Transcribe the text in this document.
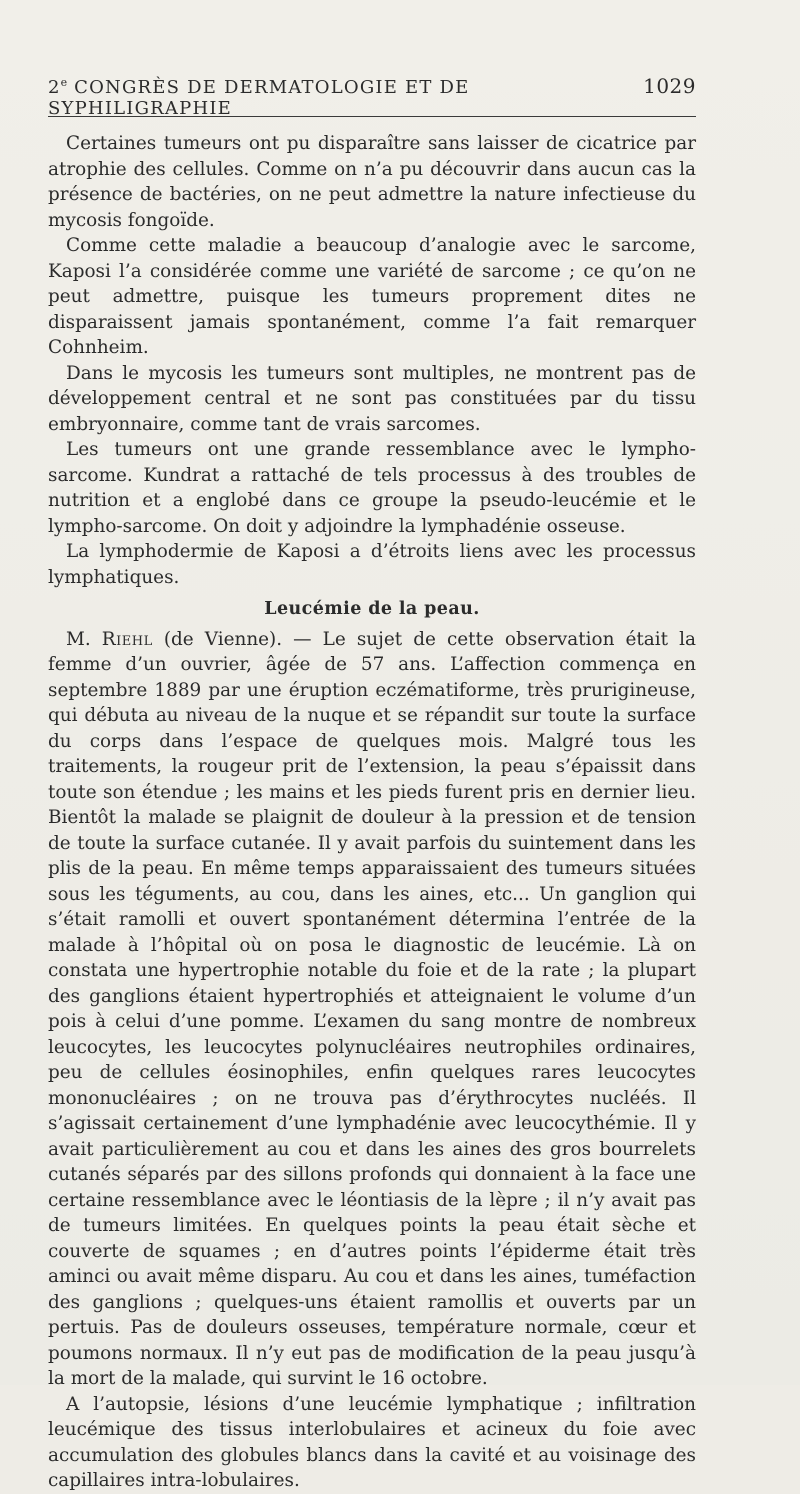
2e CONGRÈS DE DERMATOLOGIE ET DE SYPHILIGRAPHIE
1029

Certaines tumeurs ont pu disparaître sans laisser de cicatrice par atrophie des cellules. Comme on n’a pu découvrir dans aucun cas la présence de bactéries, on ne peut admettre la nature infectieuse du mycosis fongoïde.

Comme cette maladie a beaucoup d’analogie avec le sarcome, Kaposi l’a considérée comme une variété de sarcome ; ce qu’on ne peut admettre, puisque les tumeurs proprement dites ne disparaissent jamais spontanément, comme l’a fait remarquer Cohnheim.

Dans le mycosis les tumeurs sont multiples, ne montrent pas de développement central et ne sont pas constituées par du tissu embryonnaire, comme tant de vrais sarcomes.

Les tumeurs ont une grande ressemblance avec le lympho-sarcome. Kundrat a rattaché de tels processus à des troubles de nutrition et a englobé dans ce groupe la pseudo-leucémie et le lympho-sarcome. On doit y adjoindre la lymphadénie osseuse.

La lymphodermie de Kaposi a d’étroits liens avec les processus lymphatiques.

Leucémie de la peau.

M. Riehl (de Vienne). — Le sujet de cette observation était la femme d’un ouvrier, âgée de 57 ans. L’affection commença en septembre 1889 par une éruption eczématiforme, très prurigineuse, qui débuta au niveau de la nuque et se répandit sur toute la surface du corps dans l’espace de quelques mois. Malgré tous les traitements, la rougeur prit de l’extension, la peau s’épaissit dans toute son étendue ; les mains et les pieds furent pris en dernier lieu. Bientôt la malade se plaignit de douleur à la pression et de tension de toute la surface cutanée. Il y avait parfois du suintement dans les plis de la peau. En même temps apparaissaient des tumeurs situées sous les téguments, au cou, dans les aines, etc... Un ganglion qui s’était ramolli et ouvert spontanément détermina l’entrée de la malade à l’hôpital où on posa le diagnostic de leucémie. Là on constata une hypertrophie notable du foie et de la rate ; la plupart des ganglions étaient hypertrophiés et atteignaient le volume d’un pois à celui d’une pomme. L’examen du sang montre de nombreux leucocytes, les leucocytes polynucléaires neutrophiles ordinaires, peu de cellules éosinophiles, enfin quelques rares leucocytes mononucléaires ; on ne trouva pas d’érythrocytes nucléés. Il s’agissait certainement d’une lymphadénie avec leucocythémie. Il y avait particulièrement au cou et dans les aines des gros bourrelets cutanés séparés par des sillons profonds qui donnaient à la face une certaine ressemblance avec le léontiasis de la lèpre ; il n’y avait pas de tumeurs limitées. En quelques points la peau était sèche et couverte de squames ; en d’autres points l’épiderme était très aminci ou avait même disparu. Au cou et dans les aines, tuméfaction des ganglions ; quelques-uns étaient ramollis et ouverts par un pertuis. Pas de douleurs osseuses, température normale, cœur et poumons normaux. Il n’y eut pas de modification de la peau jusqu’à la mort de la malade, qui survint le 16 octobre.

A l’autopsie, lésions d’une leucémie lymphatique ; infiltration leucémique des tissus interlobulaires et acineux du foie avec accumulation des globules blancs dans la cavité et au voisinage des capillaires intra-lobulaires.
